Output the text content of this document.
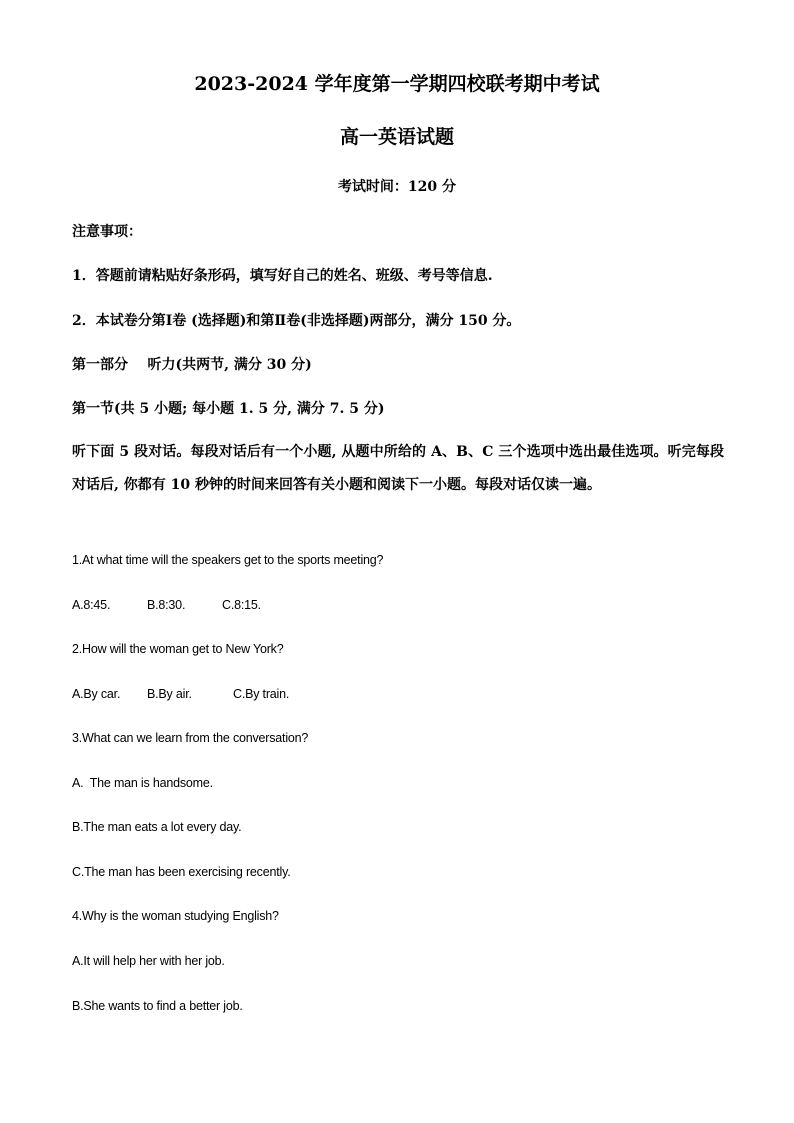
2023-2024 学年度第一学期四校联考期中考试
高一英语试题
考试时间：120 分
注意事项：
1．答题前请粘贴好条形码，填写好自己的姓名、班级、考号等信息.
2．本试卷分第Ⅰ卷 (选择题)和第Ⅱ卷(非选择题)两部分，满分 150 分。
第一部分    听力(共两节, 满分 30 分)
第一节(共 5 小题; 每小题 1. 5 分, 满分 7. 5 分)
听下面 5 段对话。每段对话后有一个小题, 从题中所给的 A、B、C 三个选项中选出最佳选项。听完每段对话后, 你都有 10 秒钟的时间来回答有关小题和阅读下一小题。每段对话仅读一遍。
1.At what time will the speakers get to the sports meeting?
A.8:45.	B.8:30.	C.8:15.
2.How will the woman get to New York?
A.By car. B.By air.	C.By train.
3.What can we learn from the conversation?
A.  The man is handsome.
B.The man eats a lot every day.
C.The man has been exercising recently.
4.Why is the woman studying English?
A.It will help her with her job.
B.She wants to find a better job.
